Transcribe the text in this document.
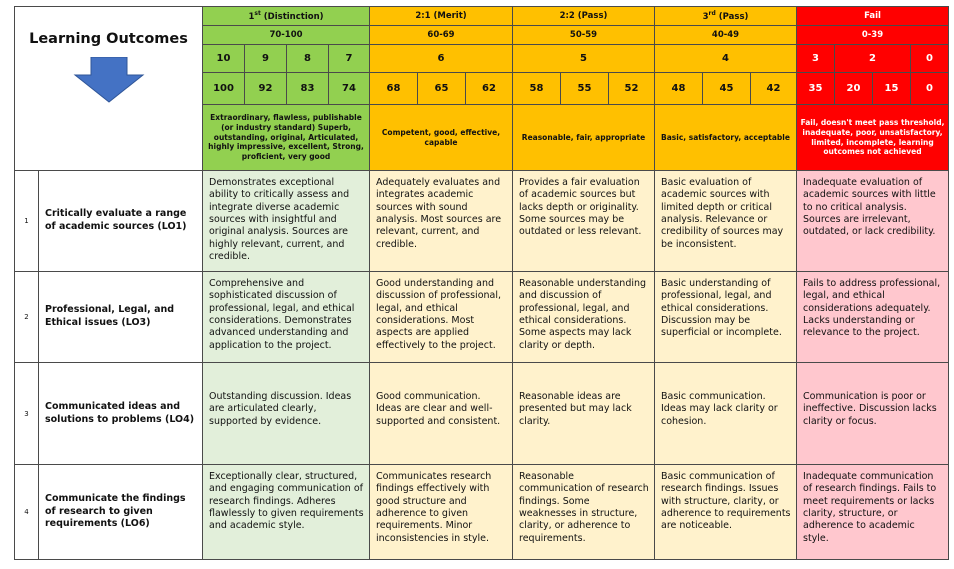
Learning Outcomes		1st (Distinction)				2:1 (Merit)			2:2 (Pass)			3rd (Pass)			Fail			
		70-100				60-69			50-59			40-49			0-39			
		10	9	8	7	6			5			4			3	2		0
		100	92	83	74	68	65	62	58	55	52	48	45	42	35	20	15	0
		Extraordinary, flawless, publishable (or industry standard) Superb, outstanding, original, Articulated, highly impressive, excellent, Strong, proficient, very good				Competent, good, effective, capable			Reasonable, fair, appropriate			Basic, satisfactory, acceptable			Fail, doesn't meet pass threshold, inadequate, poor, unsatisfactory, limited, incomplete, learning outcomes not achieved			
1	Critically evaluate a range of academic sources (LO1)	Demonstrates exceptional ability to critically assess and integrate diverse academic sources with insightful and original analysis. Sources are highly relevant, current, and credible.				Adequately evaluates and integrates academic sources with sound analysis. Most sources are relevant, current, and credible.			Provides a fair evaluation of academic sources but lacks depth or originality. Some sources may be outdated or less relevant.			Basic evaluation of academic sources with limited depth or critical analysis. Relevance or credibility of sources may be inconsistent.			Inadequate evaluation of academic sources with little to no critical analysis. Sources are irrelevant, outdated, or lack credibility.			
2	Professional, Legal, and Ethical issues (LO3)	Comprehensive and sophisticated discussion of professional, legal, and ethical considerations. Demonstrates advanced understanding and application to the project.				Good understanding and discussion of professional, legal, and ethical considerations. Most aspects are applied effectively to the project.			Reasonable understanding and discussion of professional, legal, and ethical considerations. Some aspects may lack clarity or depth.			Basic understanding of professional, legal, and ethical considerations. Discussion may be superficial or incomplete.			Fails to address professional, legal, and ethical considerations adequately. Lacks understanding or relevance to the project.			
3	Communicated ideas and solutions to problems (LO4)	Outstanding discussion. Ideas are articulated clearly, supported by evidence.				Good communication. Ideas are clear and well-supported and consistent.			Reasonable ideas are presented but may lack clarity.			Basic communication. Ideas may lack clarity or cohesion.			Communication is poor or ineffective. Discussion lacks clarity or focus.			
4	Communicate the findings of research to given requirements (LO6)	Exceptionally clear, structured, and engaging communication of research findings. Adheres flawlessly to given requirements and academic style.				Communicates research findings effectively with good structure and adherence to given requirements. Minor inconsistencies in style.			Reasonable communication of research findings. Some weaknesses in structure, clarity, or adherence to requirements.			Basic communication of research findings. Issues with structure, clarity, or adherence to requirements are noticeable.			Inadequate communication of research findings. Fails to meet requirements or lacks clarity, structure, or adherence to academic style.			
